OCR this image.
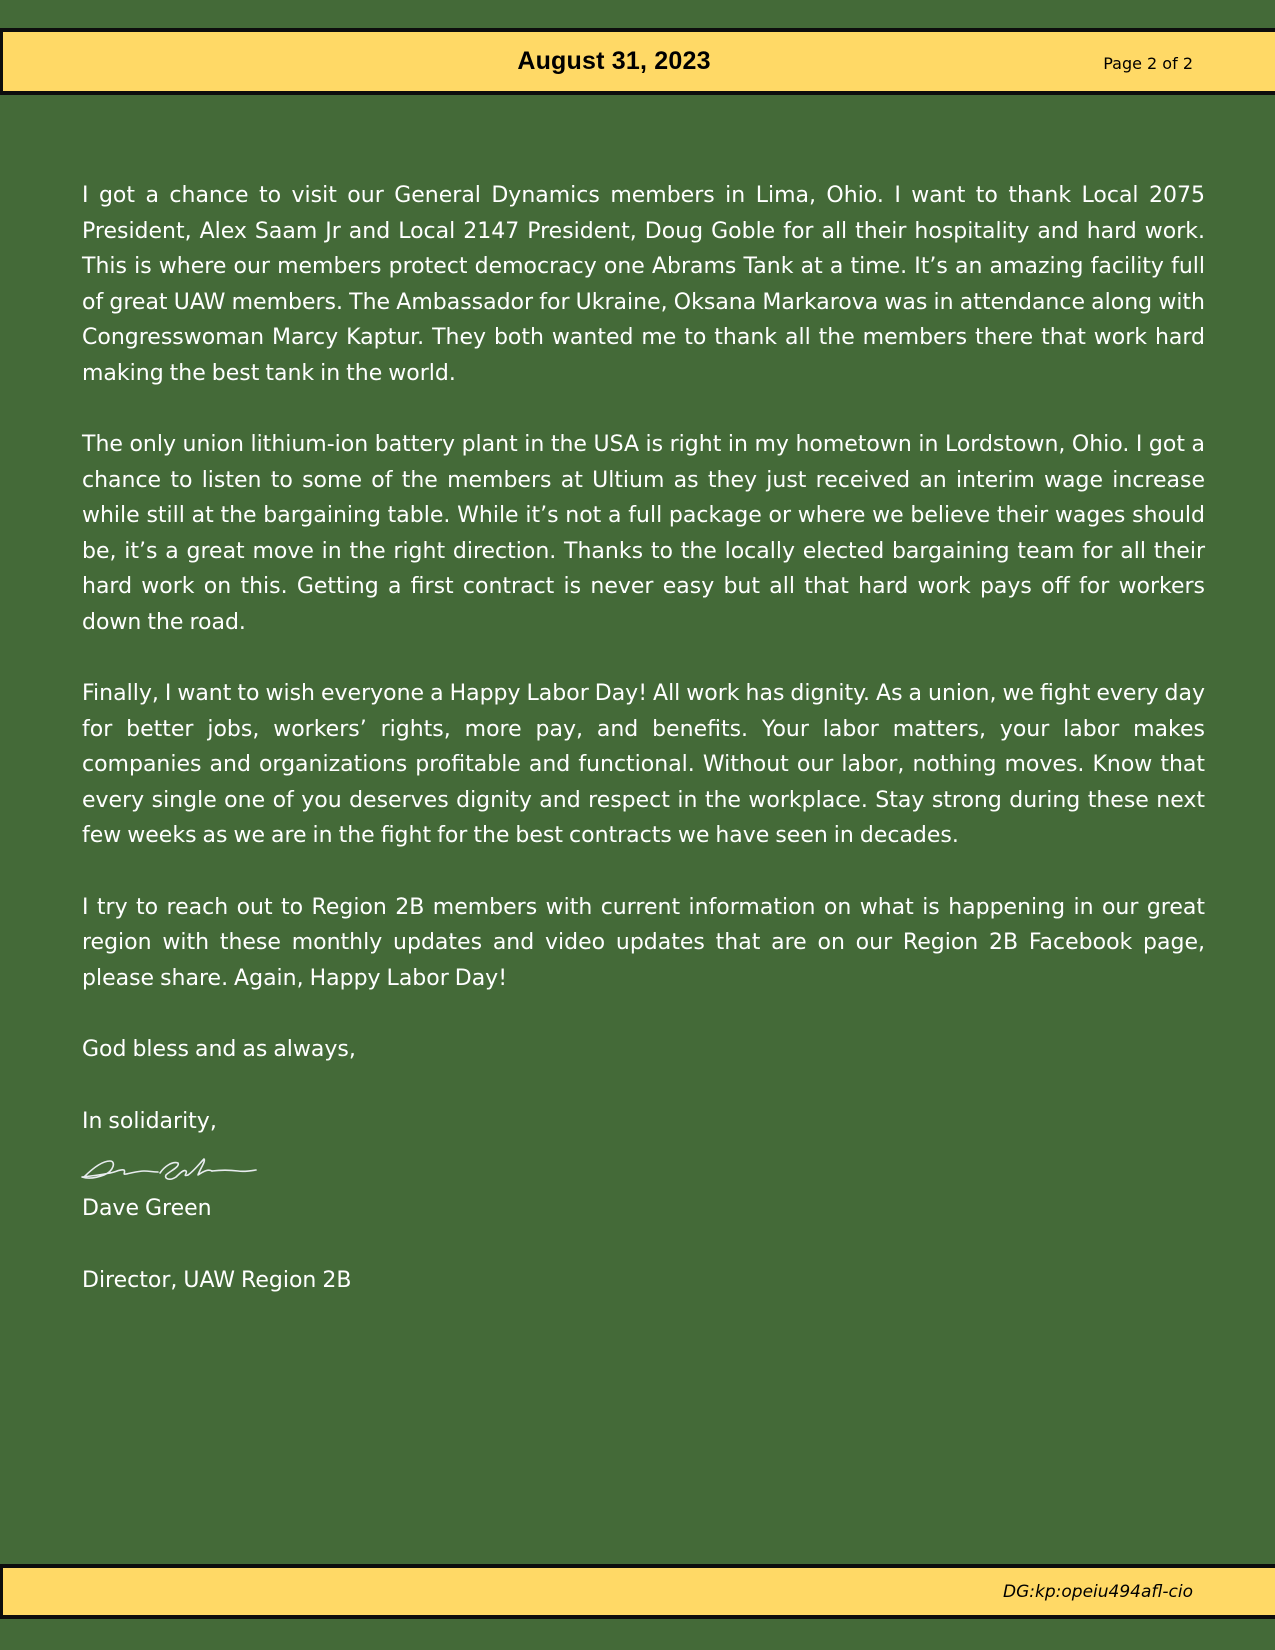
August 31, 2023	Page 2 of 2

I got a chance to visit our General Dynamics members in Lima, Ohio. I want to thank Local 2075 President, Alex Saam Jr and Local 2147 President, Doug Goble for all their hospitality and hard work. This is where our members protect democracy one Abrams Tank at a time. It’s an amazing facility full of great UAW members. The Ambassador for Ukraine, Oksana Markarova was in attendance along with Congresswoman Marcy Kaptur. They both wanted me to thank all the members there that work hard making the best tank in the world.

The only union lithium-ion battery plant in the USA is right in my hometown in Lordstown, Ohio. I got a chance to listen to some of the members at Ultium as they just received an interim wage increase while still at the bargaining table. While it’s not a full package or where we believe their wages should be, it’s a great move in the right direction. Thanks to the locally elected bargaining team for all their hard work on this. Getting a first contract is never easy but all that hard work pays off for workers down the road.

Finally, I want to wish everyone a Happy Labor Day! All work has dignity. As a union, we fight every day for better jobs, workers’ rights, more pay, and benefits. Your labor matters, your labor makes companies and organizations profitable and functional. Without our labor, nothing moves. Know that every single one of you deserves dignity and respect in the workplace. Stay strong during these next few weeks as we are in the fight for the best contracts we have seen in decades.

I try to reach out to Region 2B members with current information on what is happening in our great region with these monthly updates and video updates that are on our Region 2B Facebook page, please share. Again, Happy Labor Day!

God bless and as always,

In solidarity,

Dave Green

Director, UAW Region 2B

DG:kp:opeiu494afl-cio
